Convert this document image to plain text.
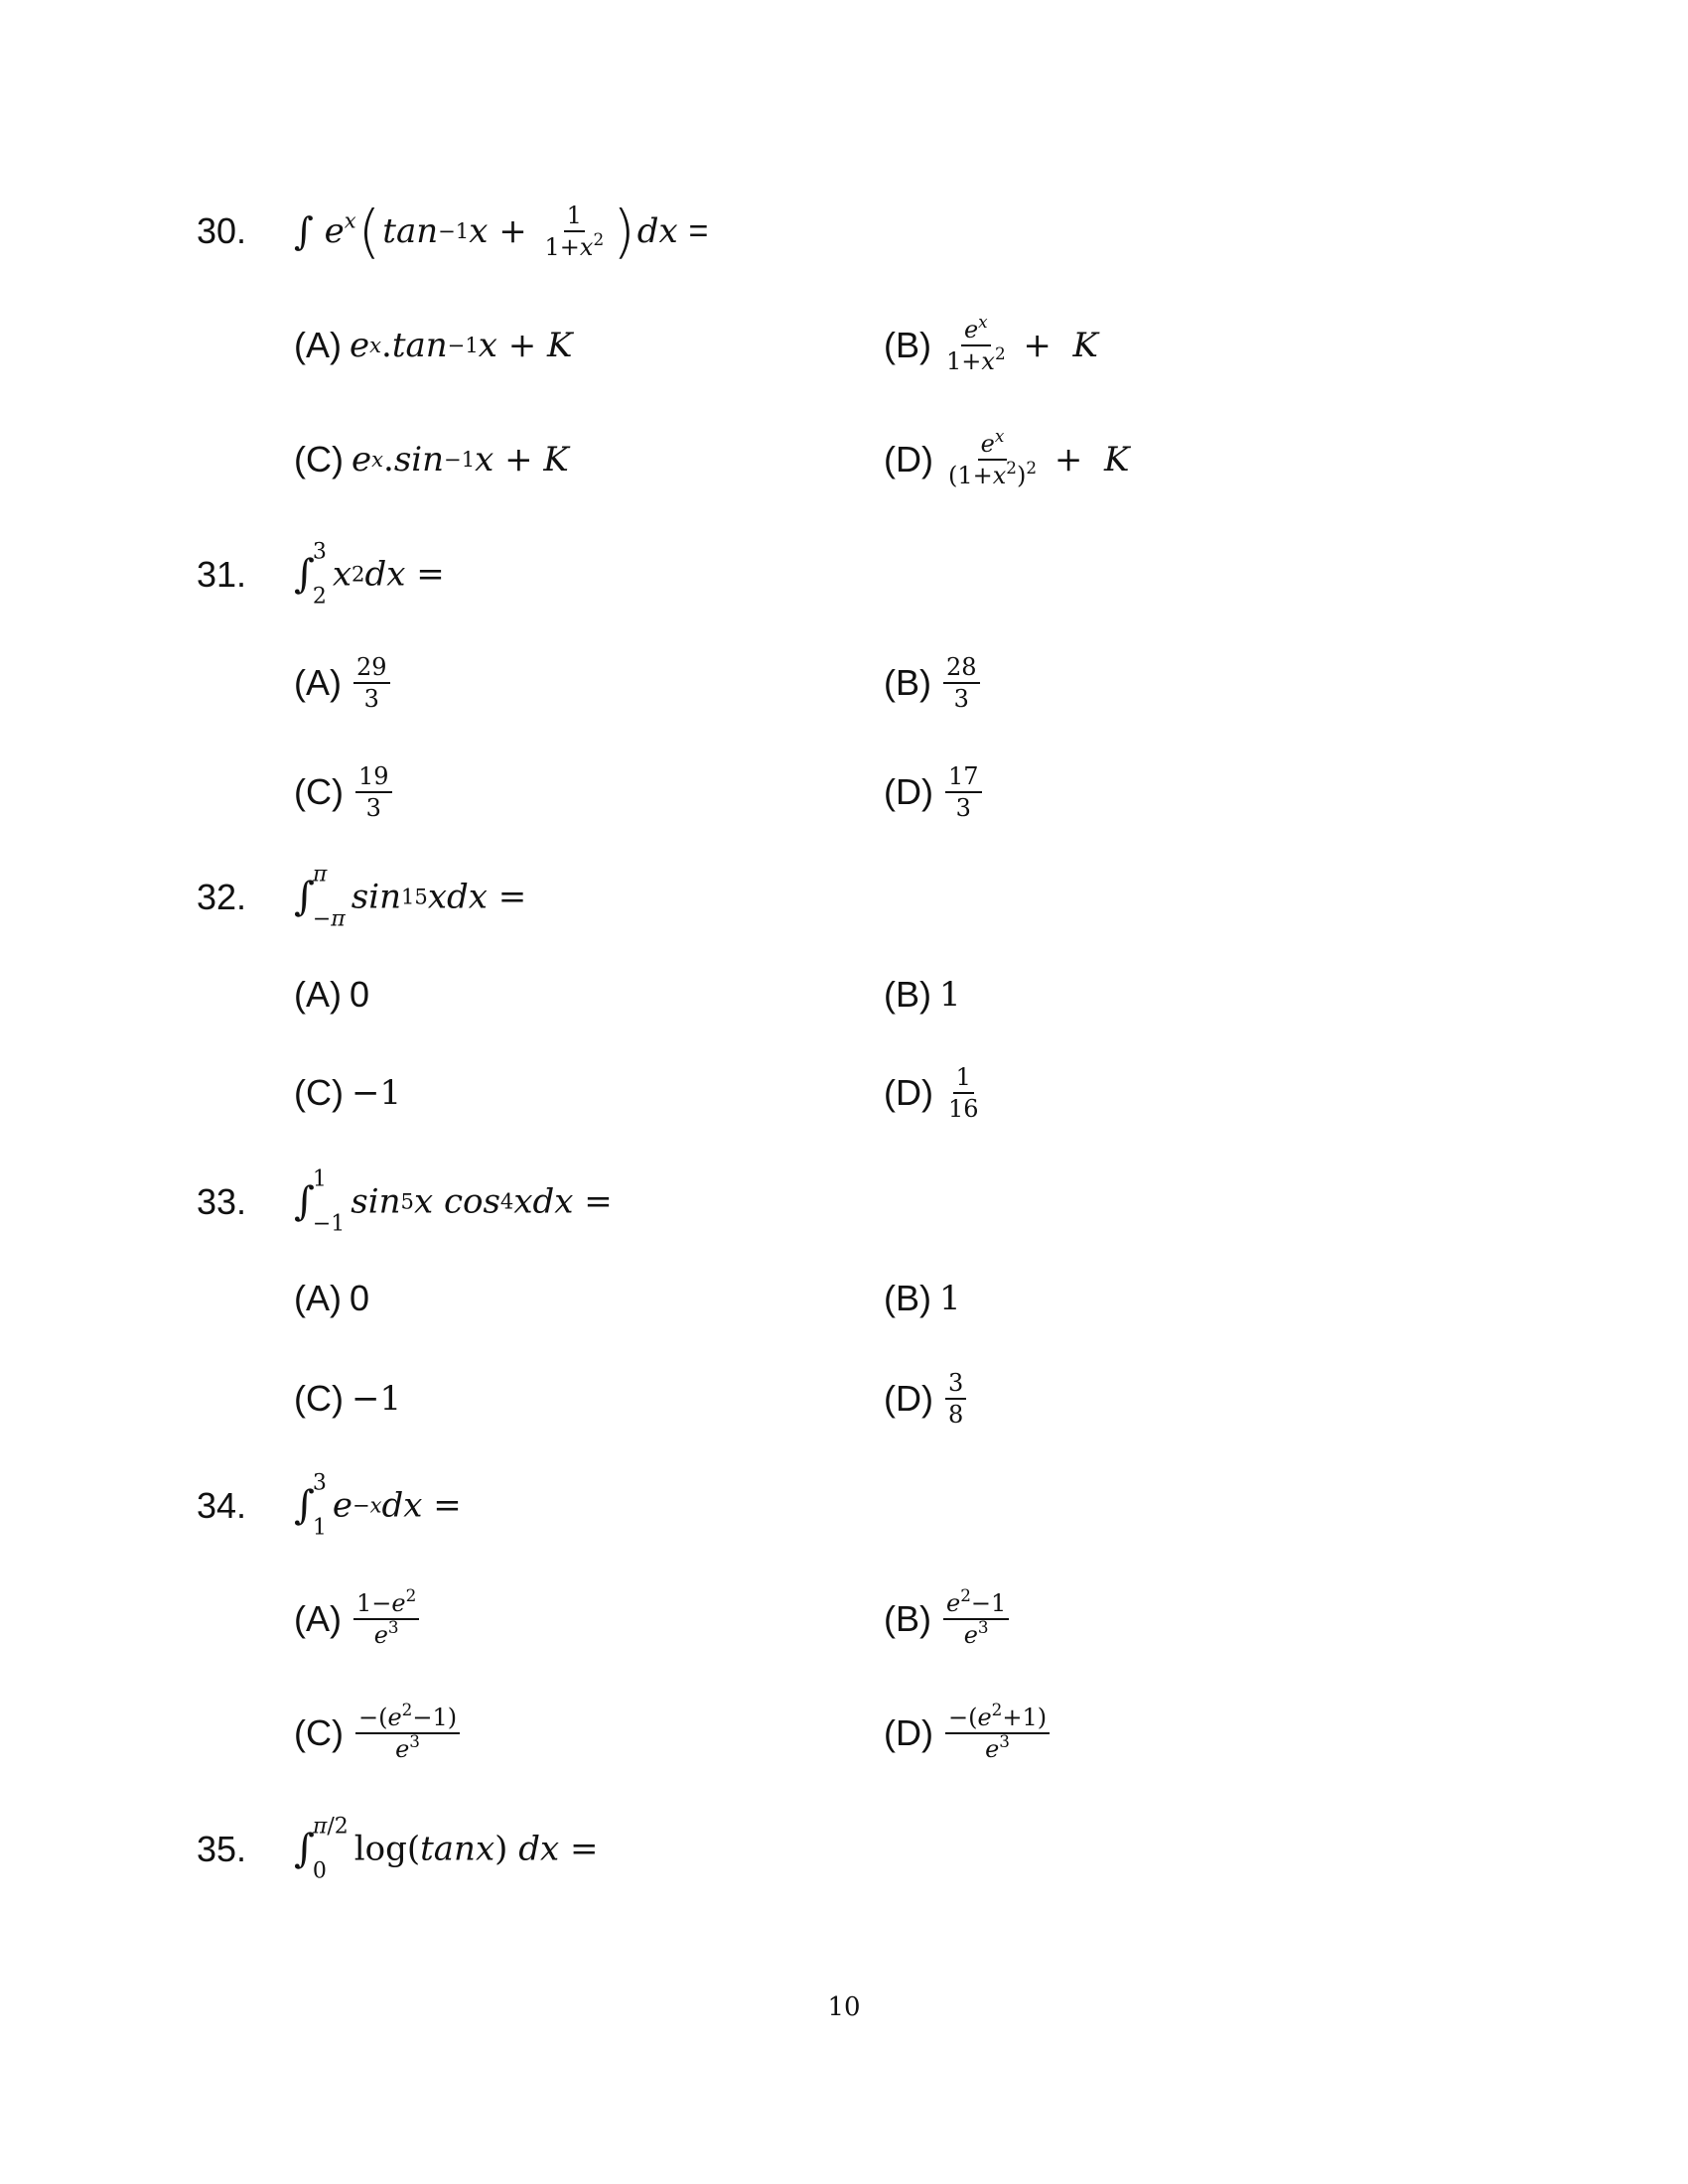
30. ∫
$e^x$ ( tan −1 $x + \frac{1}{1+x^2}$ ) dx
=
(A) e x . tan −1 x + K	$(B) \frac{e^x}{1+x^2} + K$
(C) e x . sin −1 x + K	$(D) \frac{e^x}{(1+x^2)^2} + K$
31. ∫
3
2
x 2 dx =
$(A) \frac{29}{3}$	$(B) \frac{28}{3}$
$(C) \frac{19}{3}$	$(D) \frac{17}{3}$
32. ∫
π
−π
sin 15 xdx =
(A) 0	(B) 1
(C) −1	$(D) \frac{1}{16}$
33. ∫
1
−1
sin 5 x
cos 4 xdx =
(A) 0	(B) 1
(C) −1	$(D) \frac{3}{8}$
34. ∫
3
1
e −x dx =
$(A) \frac{1-e^2}{e^3}$	$(B) \frac{e^2-1}{e^3}$
$(C) \frac{-(e^2-1)}{e^3}$	$(D) \frac{-(e^2+1)}{e^3}$
35. ∫
π/2
0
log( tanx ) dx =
10
